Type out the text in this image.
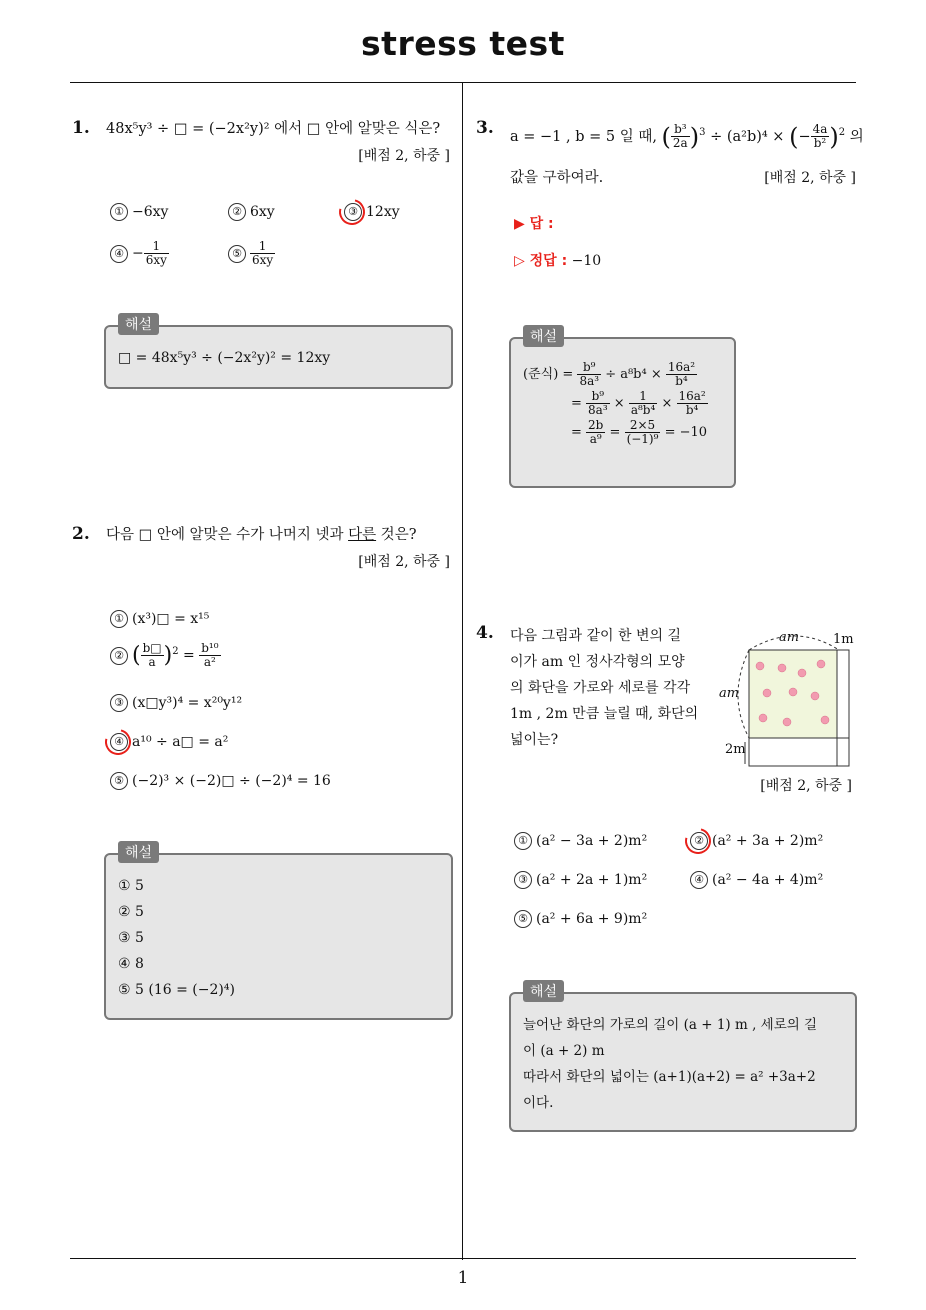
stress test
1
1. 48x⁵y³ ÷ □ = (−2x²y)² 에서 □ 안에 알맞은 식은?
[배점 2, 하중 ]
① −6xy	② 6xy	③ 12xy
④ − $\frac{1}{6xy}$	⑤ $\frac{1}{6xy}$
□ = 48x⁵y³ ÷ (−2x²y)² = 12xy
해설
2. 다음 □ 안에 알맞은 수가 나머지 넷과 다른 것은?
[배점 2, 하중 ]
① (x³)□ = x¹⁵
② ( $\frac{b□}{a} )^2 = \frac{\text{b¹⁰}}{\text{a²}}$
③ (x□y³)⁴ = x²⁰y¹²
④ a¹⁰ ÷ a□ = a²
⑤ (−2)³ × (−2)□ ÷ (−2)⁴ = 16
① 5
② 5
③ 5
④ 8
⑤ 5 (16 = (−2)⁴)
해설
3. a = −1 , b = 5 일 때, ( $\frac{\text{b³}}{2a} )^3 \div (a^2b)^4$ × (− $\frac{4a}{\text{b²}} )^2$ 의
값을 구하여라.	[배점 2, 하중 ]
▶ 답 :
▷ 정답 : −10
(준식) = $\frac{\text{b⁹}}{\text{8a³}} \div a^8b^4 \times \frac{\text{16a²}}{\text{b⁴}}$
= $\frac{\text{b⁹}}{\text{8a³}} \times \frac{1}{\text{a⁸b⁴}} \times \frac{\text{16a²}}{\text{b⁴}}$
= $\frac{2b}{\text{a⁹}} = \frac{2\times 5}{\text{(−1)⁹}} = -10$
해설
4. 다음 그림과 같이 한 변의 길
이가 am 인 정사각형의 모양
의 화단을 가로와 세로를 각각
1m , 2m 만큼 늘릴 때, 화단의
넓이는?
am	1m
am
2m
[배점 2, 하중 ]
① (a² − 3a + 2)m²	② (a² + 3a + 2)m²
③ (a² + 2a + 1)m²	④ (a² − 4a + 4)m²
⑤ (a² + 6a + 9)m²
늘어난 화단의 가로의 길이 (a + 1) m , 세로의 길
이 (a + 2) m
따라서 화단의 넓이는 (a+1)(a+2) = a² +3a+2
이다.
해설
